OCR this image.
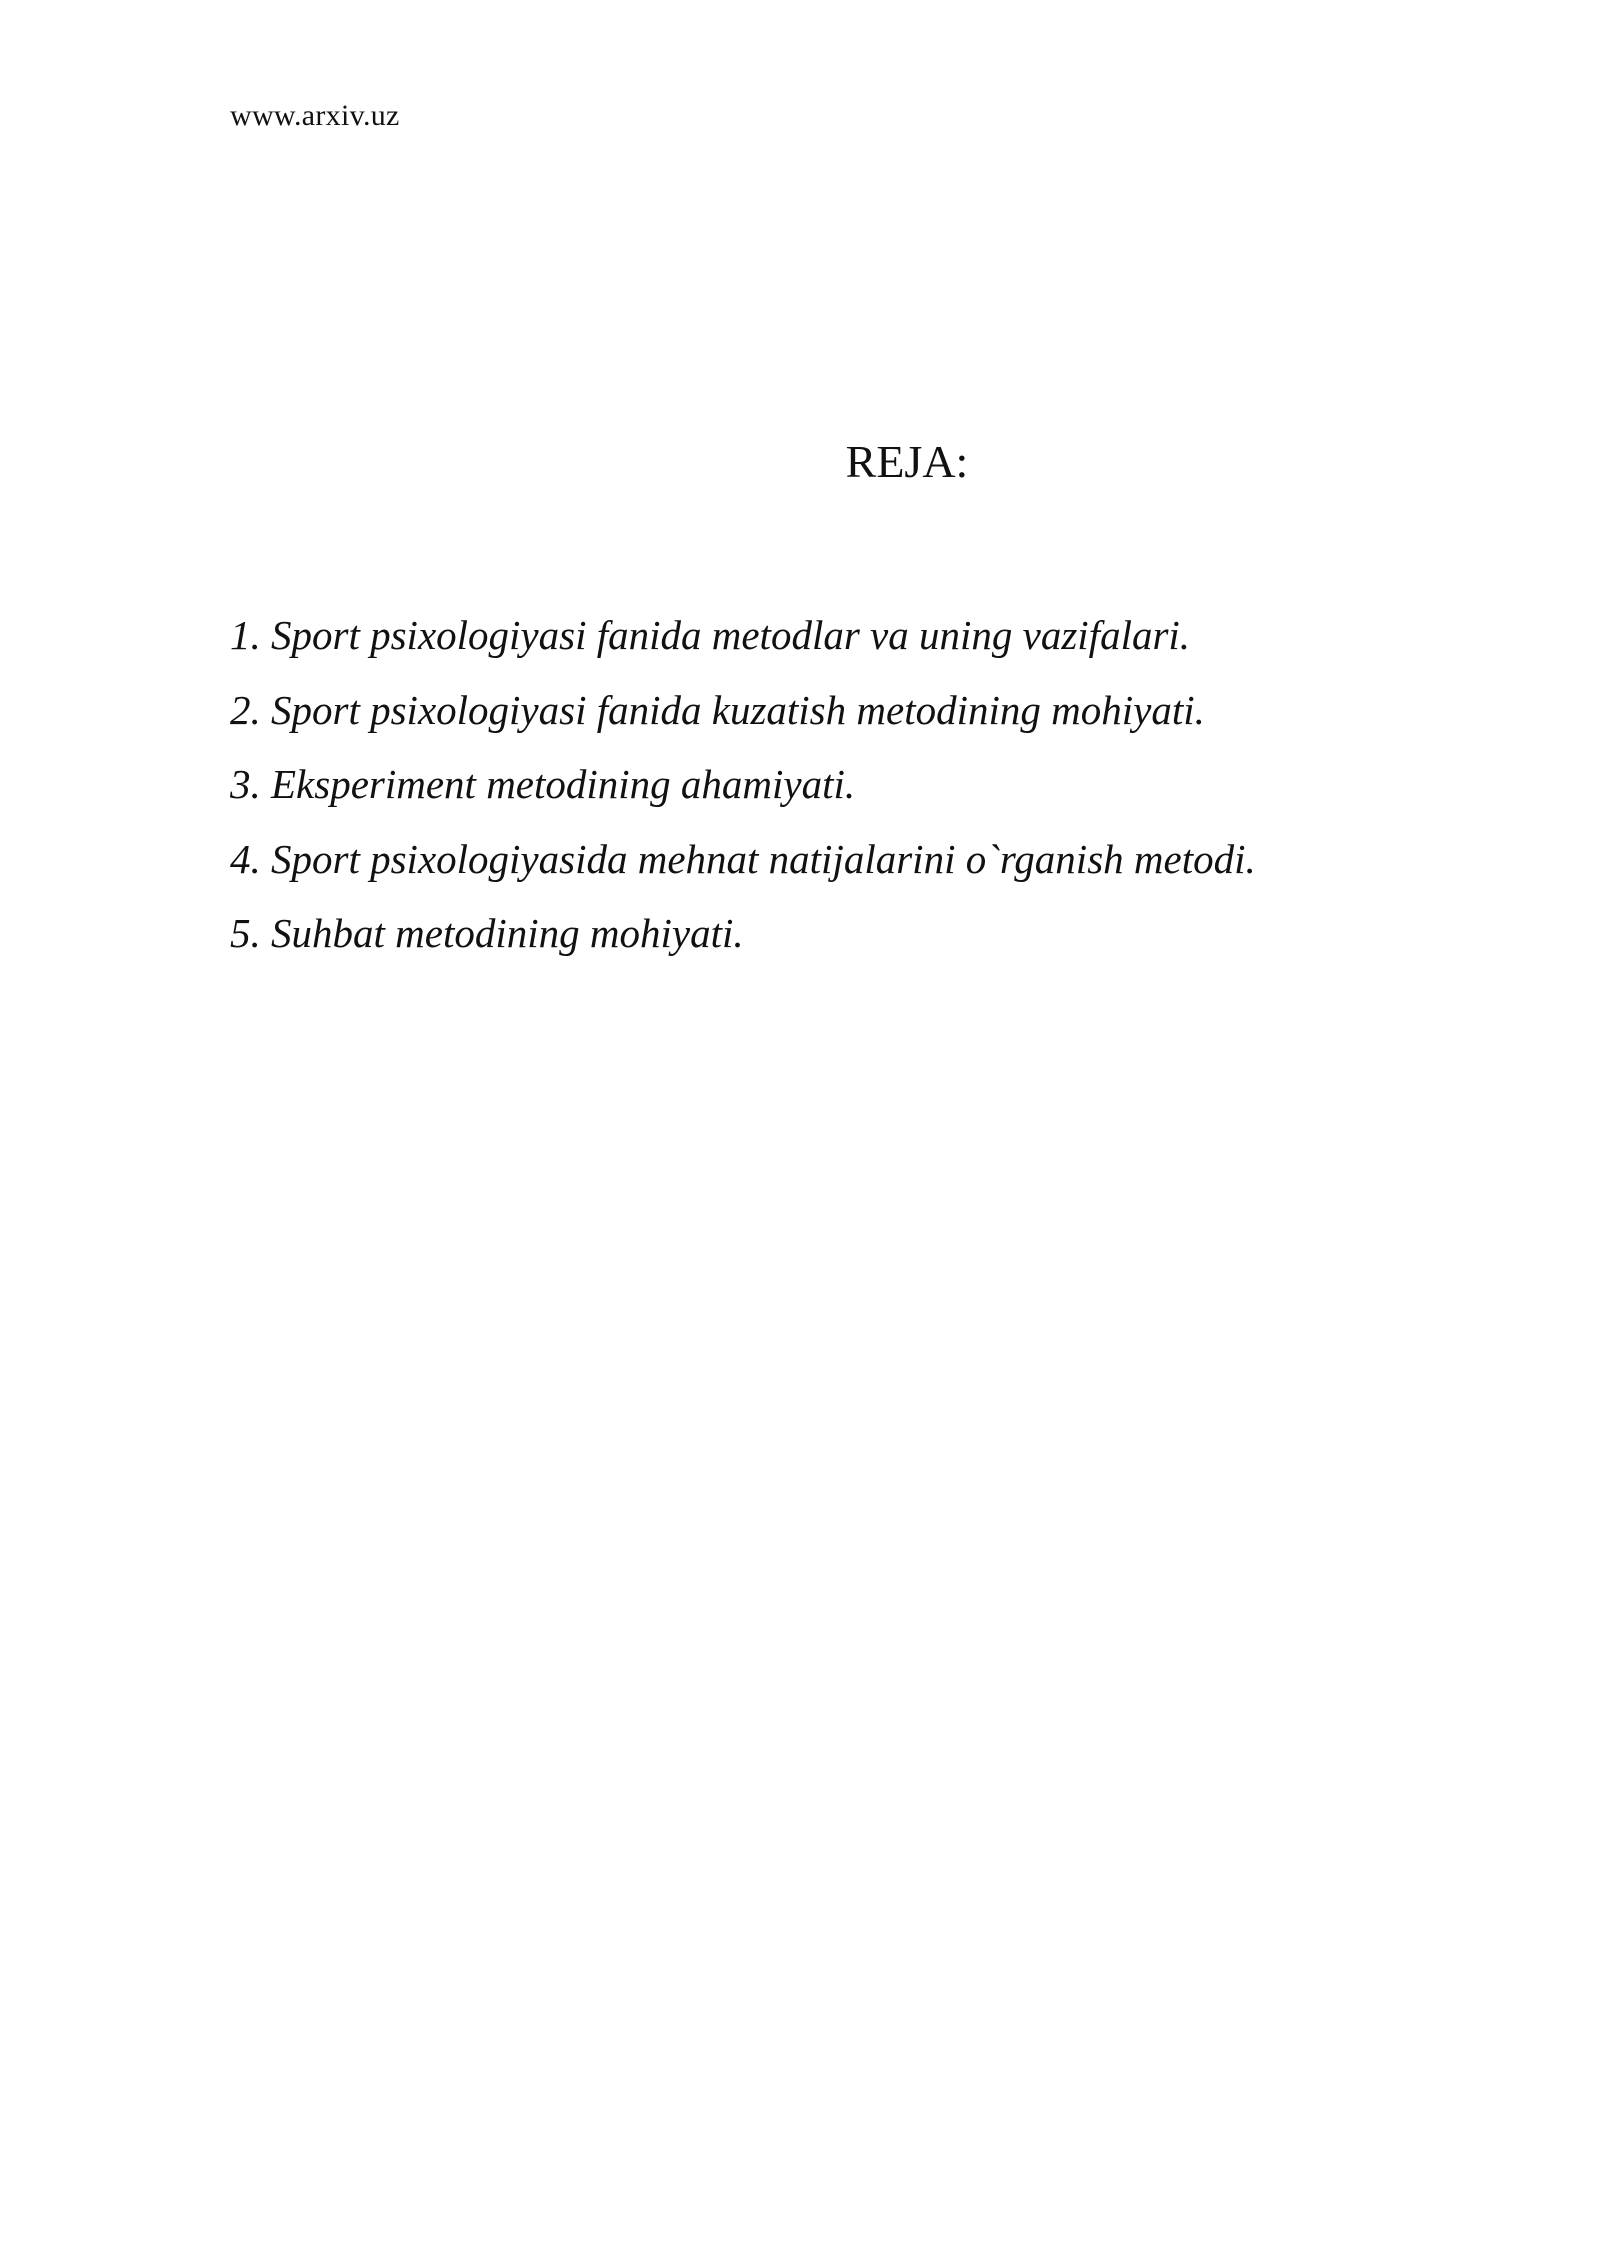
www.arxiv.uz
REJA:
1. Sport psixologiyasi fanida metodlar va uning vazifalari.
2. Sport psixologiyasi fanida kuzatish metodining mohiyati.
3. Eksperiment metodining ahamiyati.
4. Sport psixologiyasida mehnat natijalarini o`rganish metodi.
5. Suhbat metodining mohiyati.
